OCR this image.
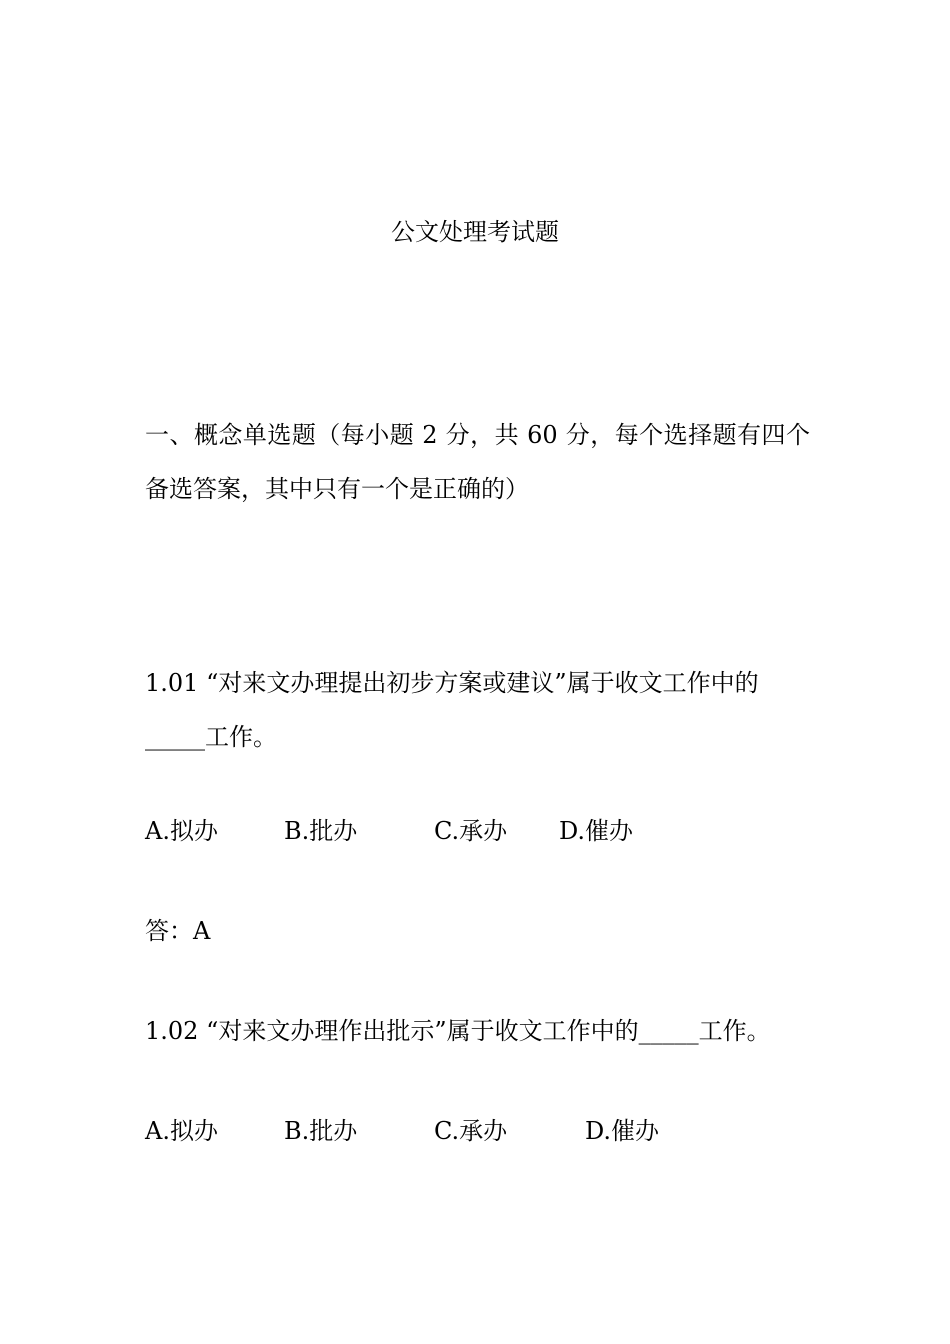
公文处理考试题
一、概念单选题（每小题 2 分，共 60 分，每个选择题有四个备选答案，其中只有一个是正确的）
1.01 “对来文办理提出初步方案或建议”属于收文工作中的_____工作。
A.拟办	B.批办	C.承办 D.催办
答：A
1.02 “对来文办理作出批示”属于收文工作中的_____工作。
A.拟办	B.批办	C.承办	D.催办
